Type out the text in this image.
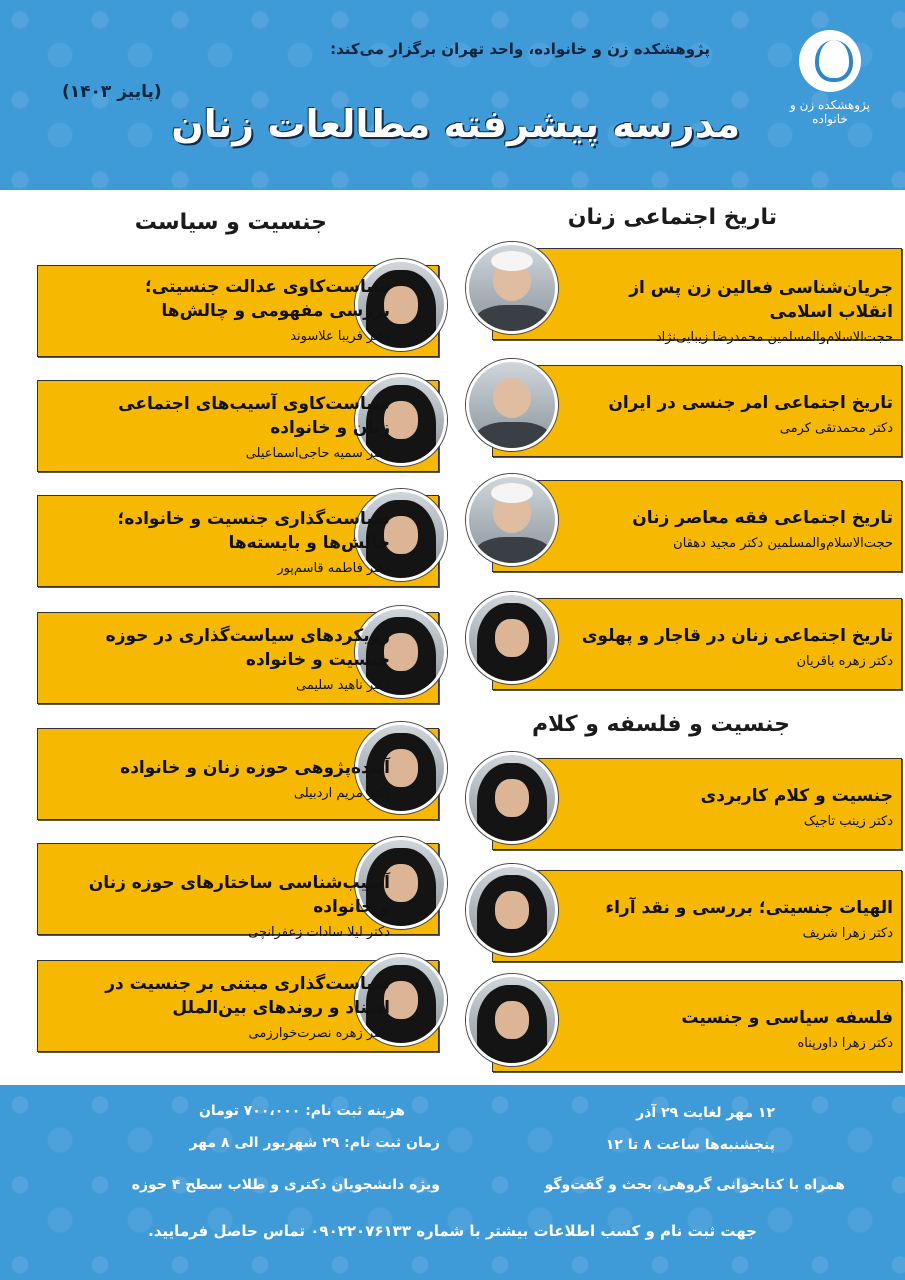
پژوهشکده زن و خانواده
پژوهشکده زن و خانواده، واحد تهران برگزار می‌کند:
(پاییز ۱۴۰۳)
مدرسه پیشرفته مطالعات زنان
تاریخ اجتماعی زنان
جنسیت و سیاست
جنسیت و فلسفه و کلام
جریان‌شناسی فعالین زن پس از انقلاب اسلامی
حجت‌الاسلام‌والمسلمین محمدرضا زیبایی‌نژاد
تاریخ اجتماعی امر جنسی در ایران
دکتر محمدتقی کرمی
تاریخ اجتماعی فقه معاصر زنان
حجت‌الاسلام‌والمسلمین دکتر مجید دهقان
تاریخ اجتماعی زنان در قاجار و پهلوی
دکتر زهره باقریان
جنسیت و کلام کاربردی
دکتر زینب تاجیک
الهیات جنسیتی؛ بررسی و نقد آراء
دکتر زهرا شریف
فلسفه سیاسی و جنسیت
دکتر زهرا داورپناه
سیاست‌کاوی عدالت جنسیتی؛ بررسی مفهومی و چالش‌ها
دکتر فریبا علاسوند
سیاست‌کاوی آسیب‌های اجتماعی زنان و خانواده
دکتر سمیه حاجی‌اسماعیلی
سیاست‌گذاری جنسیت و خانواده؛ چالش‌ها و بایسته‌ها
دکتر فاطمه قاسم‌پور
رویکردهای سیاست‌گذاری در حوزه جنسیت و خانواده
دکتر ناهید سلیمی
آینده‌پژوهی حوزه زنان و خانواده
دکتر مریم اردبیلی
آسیب‌شناسی ساختارهای حوزه زنان و خانواده
دکتر لیلا سادات زعفرانچی
سیاست‌گذاری مبتنی بر جنسیت در اسناد و روندهای بین‌الملل
دکتر زهره نصرت‌خوارزمی
۱۲ مهر لغایت ۲۹ آذر
پنجشنبه‌ها ساعت ۸ تا ۱۲
همراه با کتابخوانی گروهی، بحث و گفت‌وگو
هزینه ثبت نام: ۷۰۰،۰۰۰ تومان
زمان ثبت نام: ۲۹ شهریور الی ۸ مهر
ویژه دانشجویان دکتری و طلاب سطح ۴ حوزه
جهت ثبت نام و کسب اطلاعات بیشتر با شماره ۰۹۰۲۲۰۷۶۱۳۳ تماس حاصل فرمایید.
